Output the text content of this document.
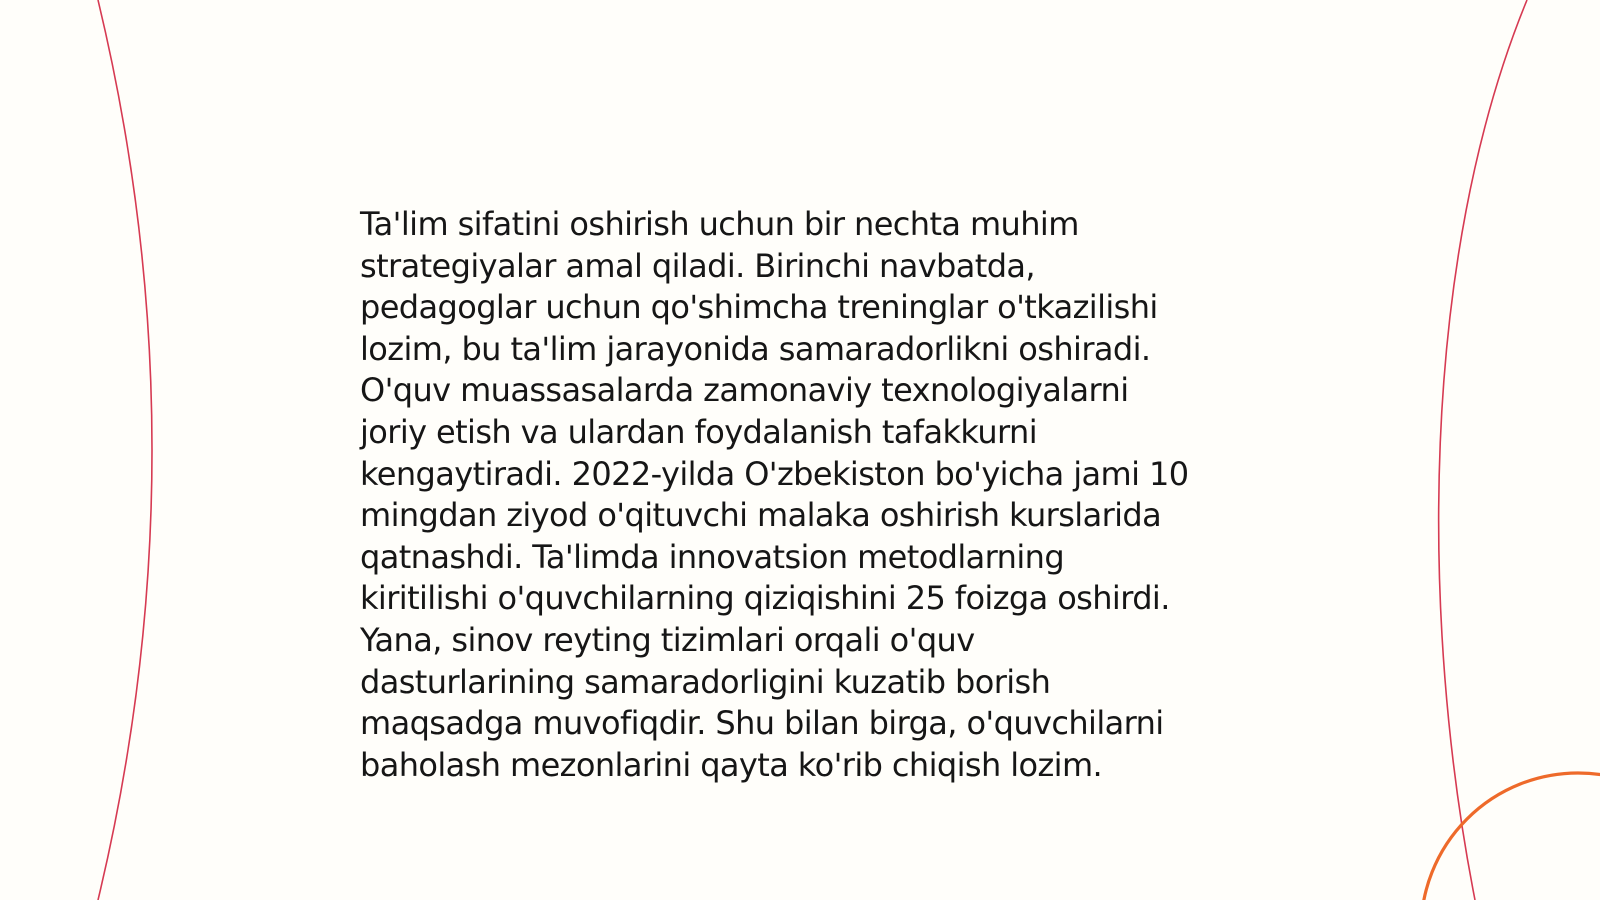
Ta'lim sifatini oshirish uchun bir nechta muhim
strategiyalar amal qiladi. Birinchi navbatda,
pedagoglar uchun qo'shimcha treninglar o'tkazilishi
lozim, bu ta'lim jarayonida samaradorlikni oshiradi.
O'quv muassasalarda zamonaviy texnologiyalarni
joriy etish va ulardan foydalanish tafakkurni
kengaytiradi. 2022-yilda O'zbekiston bo'yicha jami 10
mingdan ziyod o'qituvchi malaka oshirish kurslarida
qatnashdi. Ta'limda innovatsion metodlarning
kiritilishi o'quvchilarning qiziqishini 25 foizga oshirdi.
Yana, sinov reyting tizimlari orqali o'quv
dasturlarining samaradorligini kuzatib borish
maqsadga muvofiqdir. Shu bilan birga, o'quvchilarni
baholash mezonlarini qayta ko'rib chiqish lozim.
